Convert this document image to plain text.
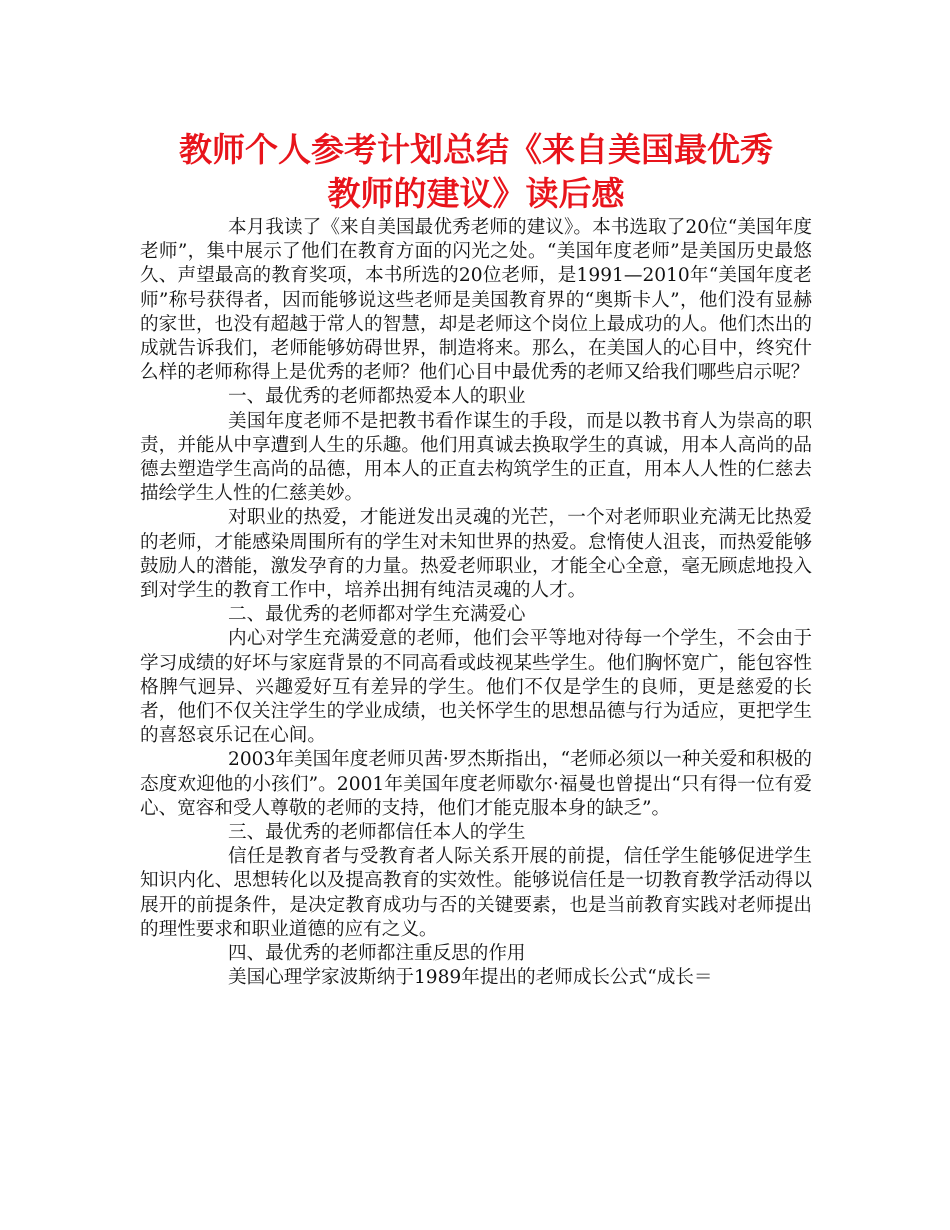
教师个人参考计划总结《来自美国最优秀
教师的建议》读后感

本月我读了《来自美国最优秀老师的建议》。本书选取了20位“美国年度老师”，集中展示了他们在教育方面的闪光之处。“美国年度老师”是美国历史最悠久、声望最高的教育奖项，本书所选的20位老师，是1991—2010年“美国年度老师”称号获得者，因而能够说这些老师是美国教育界的“奥斯卡人”，他们没有显赫的家世，也没有超越于常人的智慧，却是老师这个岗位上最成功的人。他们杰出的成就告诉我们，老师能够妨碍世界，制造将来。那么，在美国人的心目中，终究什么样的老师称得上是优秀的老师？他们心目中最优秀的老师又给我们哪些启示呢？

一、最优秀的老师都热爱本人的职业

美国年度老师不是把教书看作谋生的手段，而是以教书育人为崇高的职责，并能从中享遭到人生的乐趣。他们用真诚去换取学生的真诚，用本人高尚的品德去塑造学生高尚的品德，用本人的正直去构筑学生的正直，用本人人性的仁慈去描绘学生人性的仁慈美妙。

对职业的热爱，才能迸发出灵魂的光芒，一个对老师职业充满无比热爱的老师，才能感染周围所有的学生对未知世界的热爱。怠惰使人沮丧，而热爱能够鼓励人的潜能，激发孕育的力量。热爱老师职业，才能全心全意，毫无顾虑地投入到对学生的教育工作中，培养出拥有纯洁灵魂的人才。

二、最优秀的老师都对学生充满爱心

内心对学生充满爱意的老师，他们会平等地对待每一个学生，不会由于学习成绩的好坏与家庭背景的不同高看或歧视某些学生。他们胸怀宽广，能包容性格脾气迥异、兴趣爱好互有差异的学生。他们不仅是学生的良师，更是慈爱的长者，他们不仅关注学生的学业成绩，也关怀学生的思想品德与行为适应，更把学生的喜怒哀乐记在心间。

2003年美国年度老师贝茜·罗杰斯指出，“老师必须以一种关爱和积极的态度欢迎他的小孩们”。2001年美国年度老师歇尔·福曼也曾提出“只有得一位有爱心、宽容和受人尊敬的老师的支持，他们才能克服本身的缺乏”。

三、最优秀的老师都信任本人的学生

信任是教育者与受教育者人际关系开展的前提，信任学生能够促进学生知识内化、思想转化以及提高教育的实效性。能够说信任是一切教育教学活动得以展开的前提条件，是决定教育成功与否的关键要素，也是当前教育实践对老师提出的理性要求和职业道德的应有之义。

四、最优秀的老师都注重反思的作用

美国心理学家波斯纳于1989年提出的老师成长公式“成长＝
